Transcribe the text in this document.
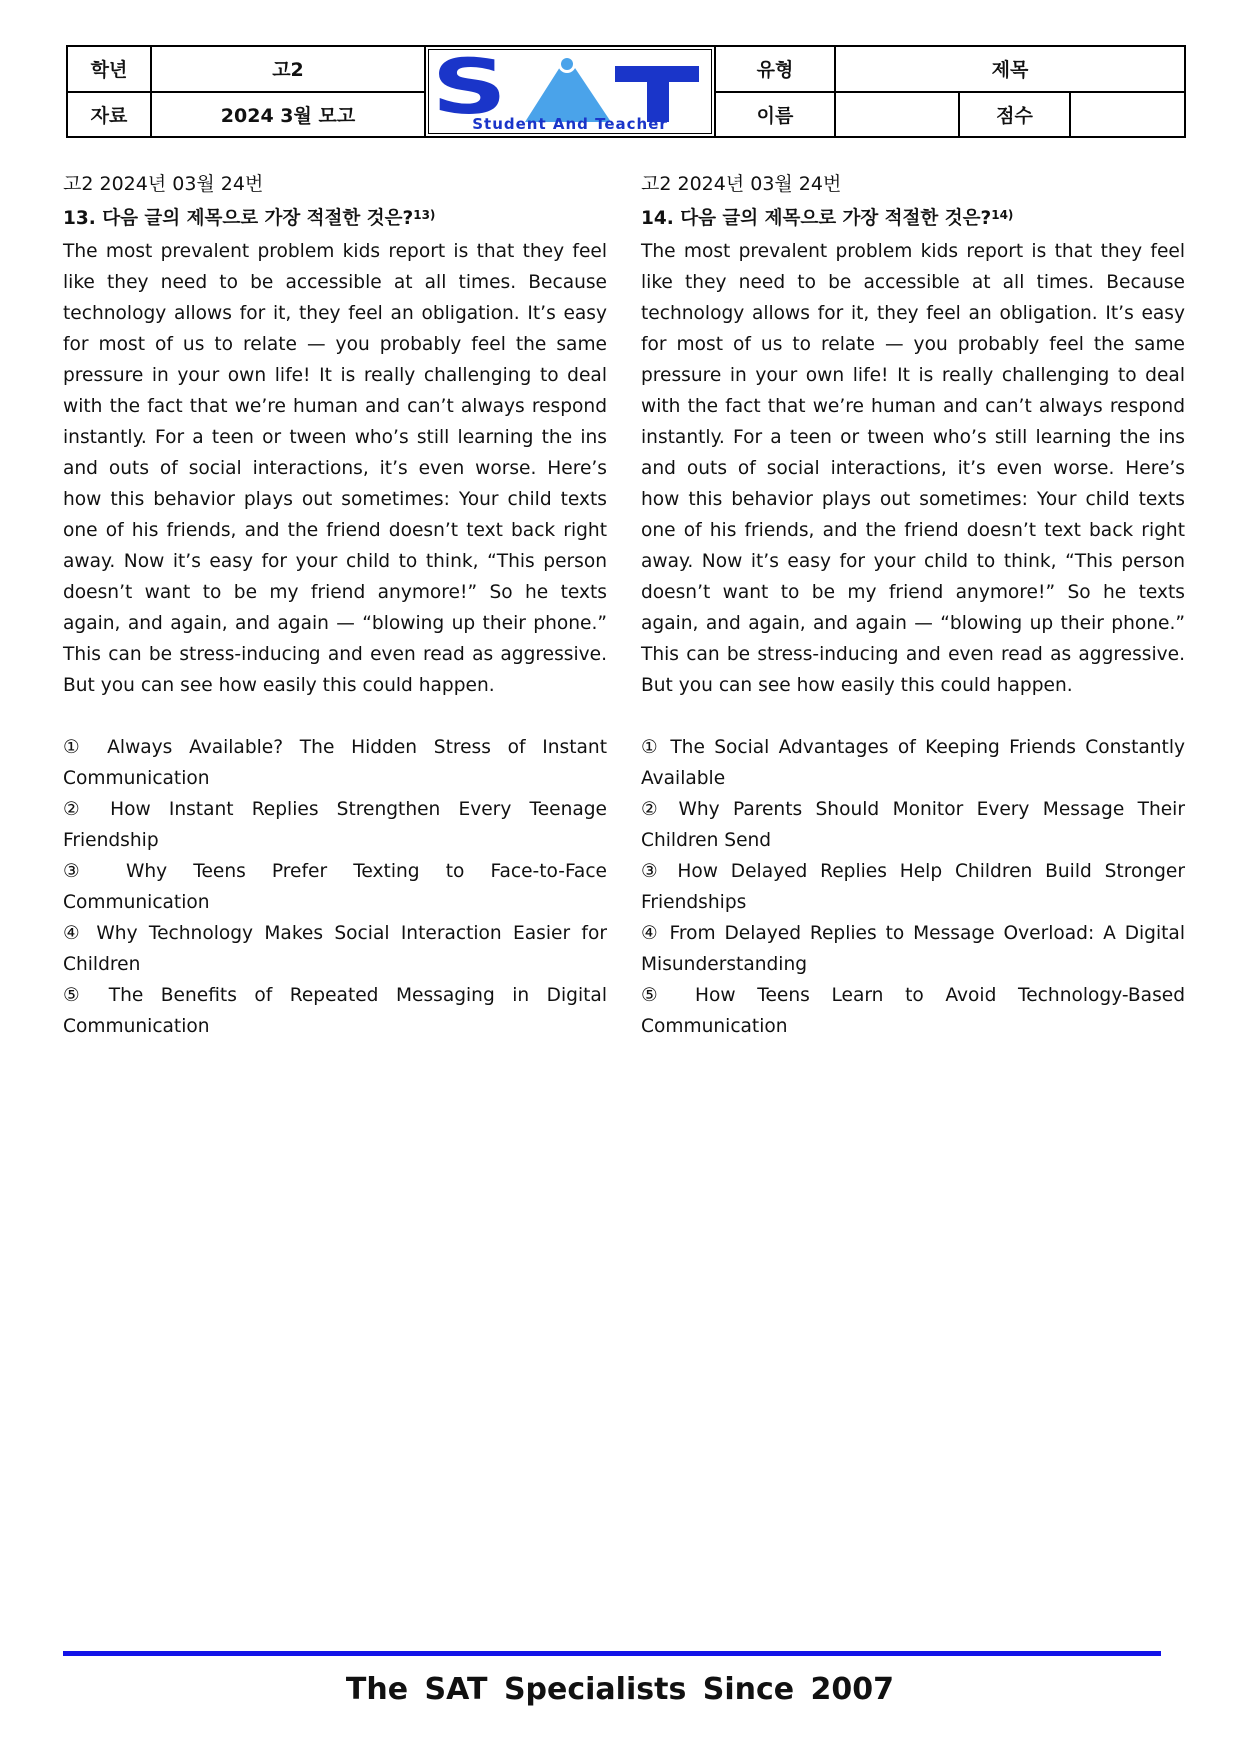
학년
자료
고2
2024 3월 모고 S
Student And Teacher
유형
이름
제목
점수
고2 2024년 03월 24번
13. 다음 글의 제목으로 가장 적절한 것은?$^{13)}$
The most prevalent problem kids report is that they feel like they need to be accessible at all times. Because technology allows for it, they feel an obligation. It’s easy for most of us to relate — you probably feel the same pressure in your own life! It is really challenging to deal with the fact that we’re human and can’t always respond instantly. For a teen or tween who’s still learning the ins and outs of social interactions, it’s even worse. Here’s how this behavior plays out sometimes: Your child texts one of his friends, and the friend doesn’t text back right away. Now it’s easy for your child to think, “This person doesn’t want to be my friend anymore!” So he texts again, and again, and again — “blowing up their phone.” This can be stress-inducing and even read as aggressive. But you can see how easily this could happen.
① Always Available? The Hidden Stress of Instant Communication
② How Instant Replies Strengthen Every Teenage Friendship
③ Why Teens Prefer Texting to Face-to-Face Communication
④ Why Technology Makes Social Interaction Easier for Children
⑤ The Benefits of Repeated Messaging in Digital Communication
고2 2024년 03월 24번
14. 다음 글의 제목으로 가장 적절한 것은?$^{14)}$
The most prevalent problem kids report is that they feel like they need to be accessible at all times. Because technology allows for it, they feel an obligation. It’s easy for most of us to relate — you probably feel the same pressure in your own life! It is really challenging to deal with the fact that we’re human and can’t always respond instantly. For a teen or tween who’s still learning the ins and outs of social interactions, it’s even worse. Here’s how this behavior plays out sometimes: Your child texts one of his friends, and the friend doesn’t text back right away. Now it’s easy for your child to think, “This person doesn’t want to be my friend anymore!” So he texts again, and again, and again — “blowing up their phone.” This can be stress-inducing and even read as aggressive. But you can see how easily this could happen.
① The Social Advantages of Keeping Friends Constantly Available
② Why Parents Should Monitor Every Message Their Children Send
③ How Delayed Replies Help Children Build Stronger Friendships
④ From Delayed Replies to Message Overload: A Digital Misunderstanding
⑤ How Teens Learn to Avoid Technology-Based Communication
The SAT Specialists Since 2007
